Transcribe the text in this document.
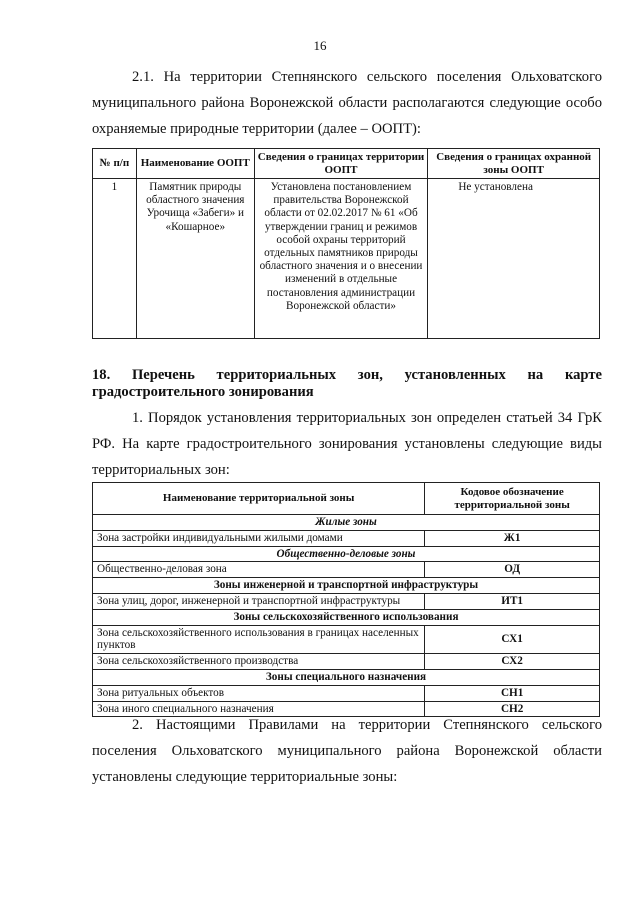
16

2.1. На территории Степнянского сельского поселения Ольховатского муниципального района Воронежской области располагаются следующие особо охраняемые природные территории (далее – ООПТ):

№ п/п	Наименование ООПТ	Сведения о границах территории ООПТ	Сведения о границах охранной зоны ООПТ
1	Памятник природы областного значения Урочища «Забеги» и «Кошарное»	Установлена постановлением правительства Воронежской области от 02.02.2017 № 61 «Об утверждении границ и режимов особой охраны территорий отдельных памятников природы областного значения и о внесении изменений в отдельные постановления администрации Воронежской области»	Не установлена

18. Перечень территориальных зон, установленных на карте градостроительного зонирования

1. Порядок установления территориальных зон определен статьей 34 ГрК РФ. На карте градостроительного зонирования установлены следующие виды территориальных зон:

Наименование территориальной зоны	Кодовое обозначение территориальной зоны
Жилые зоны	
Зона застройки индивидуальными жилыми домами	Ж1
Общественно-деловые зоны	
Общественно-деловая зона	ОД
Зоны инженерной и транспортной инфраструктуры	
Зона улиц, дорог, инженерной и транспортной инфраструктуры	ИТ1
Зоны сельскохозяйственного использования	
Зона сельскохозяйственного использования в границах населенных пунктов	СХ1
Зона сельскохозяйственного производства	СХ2
Зоны специального назначения	
Зона ритуальных объектов	СН1
Зона иного специального назначения	СН2

2. Настоящими Правилами на территории Степнянского сельского поселения Ольховатского муниципального района Воронежской области установлены следующие территориальные зоны:
